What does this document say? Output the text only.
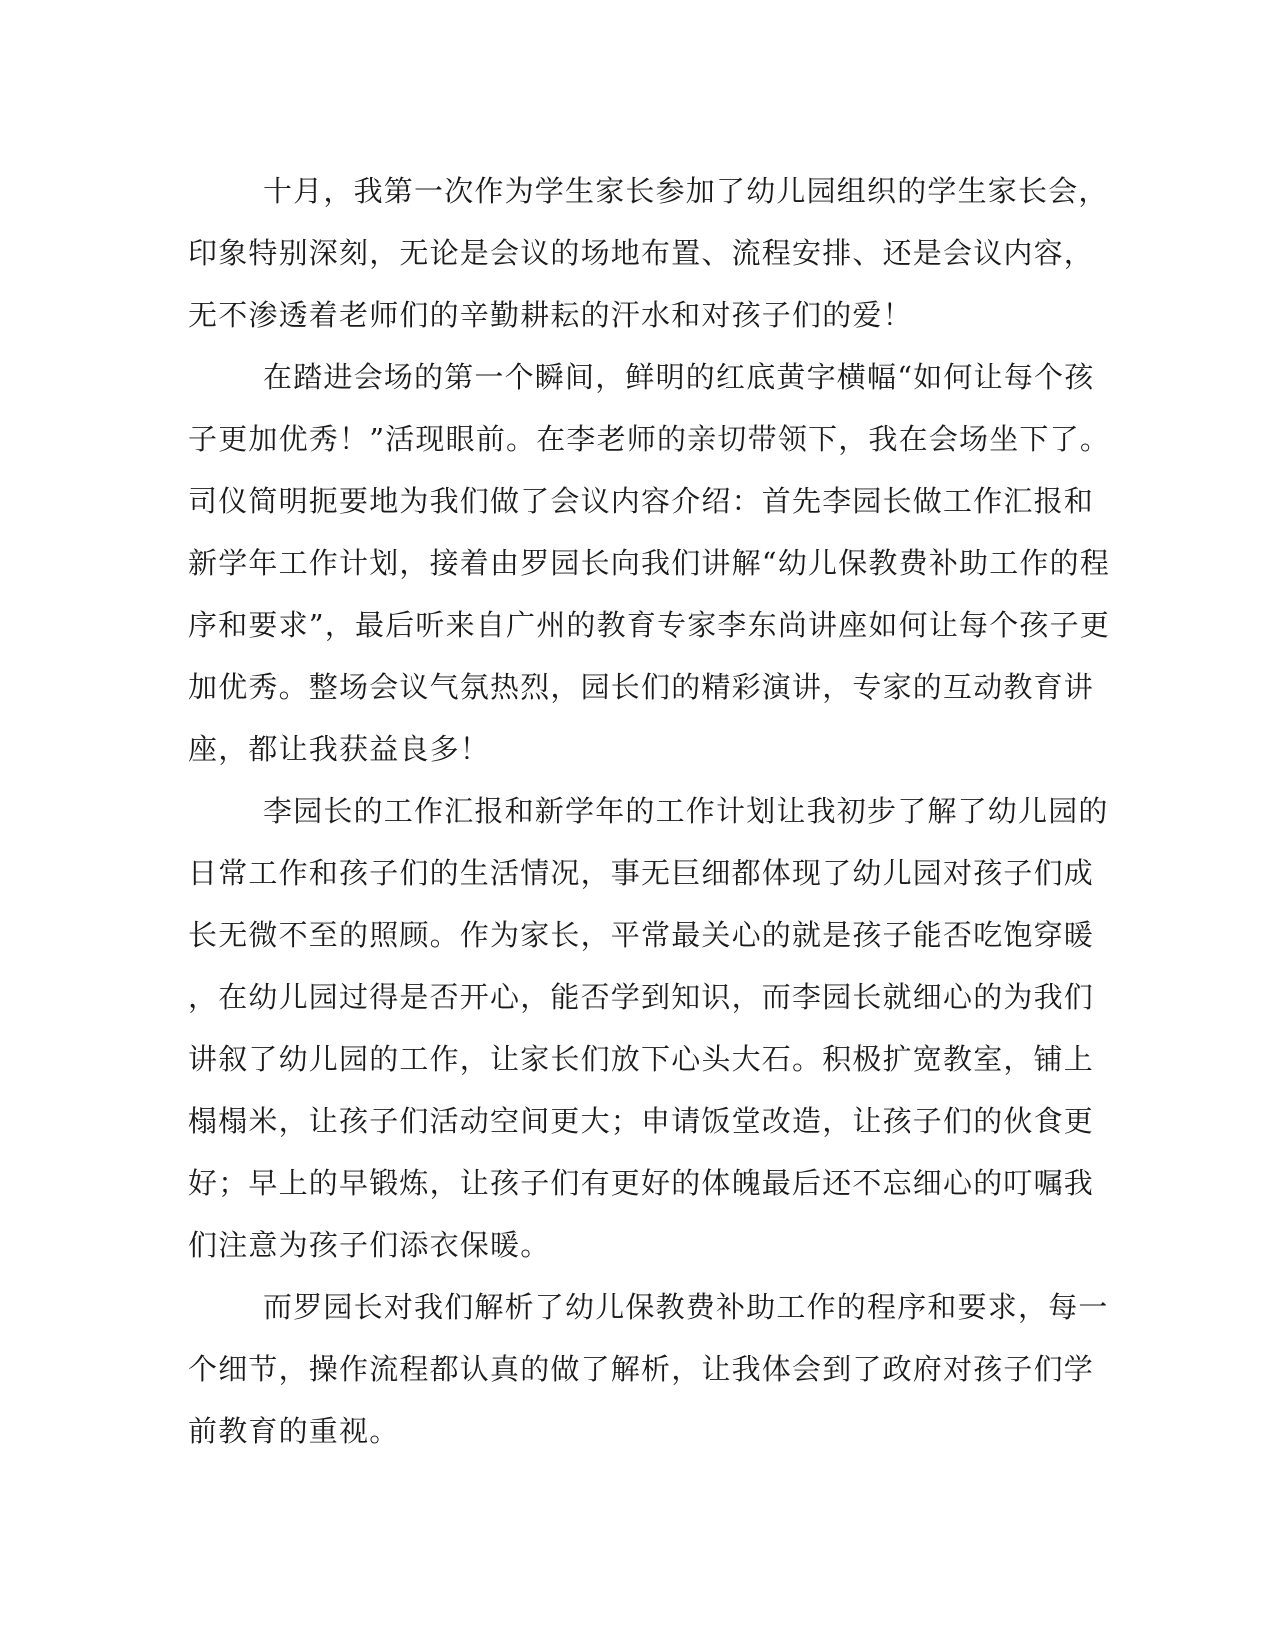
十月，我第一次作为学生家长参加了幼儿园组织的学生家长会，
印象特别深刻，无论是会议的场地布置、流程安排、还是会议内容，
无不渗透着老师们的辛勤耕耘的汗水和对孩子们的爱！
在踏进会场的第一个瞬间，鲜明的红底黄字横幅“如何让每个孩
子更加优秀！”活现眼前。在李老师的亲切带领下，我在会场坐下了。
司仪简明扼要地为我们做了会议内容介绍：首先李园长做工作汇报和
新学年工作计划，接着由罗园长向我们讲解“幼儿保教费补助工作的程
序和要求”，最后听来自广州的教育专家李东尚讲座如何让每个孩子更
加优秀。整场会议气氛热烈，园长们的精彩演讲，专家的互动教育讲
座，都让我获益良多！
李园长的工作汇报和新学年的工作计划让我初步了解了幼儿园的
日常工作和孩子们的生活情况，事无巨细都体现了幼儿园对孩子们成
长无微不至的照顾。作为家长，平常最关心的就是孩子能否吃饱穿暖
，在幼儿园过得是否开心，能否学到知识，而李园长就细心的为我们
讲叙了幼儿园的工作，让家长们放下心头大石。积极扩宽教室，铺上
榻榻米，让孩子们活动空间更大；申请饭堂改造，让孩子们的伙食更
好；早上的早锻炼，让孩子们有更好的体魄最后还不忘细心的叮嘱我
们注意为孩子们添衣保暖。
而罗园长对我们解析了幼儿保教费补助工作的程序和要求，每一
个细节，操作流程都认真的做了解析，让我体会到了政府对孩子们学
前教育的重视。
